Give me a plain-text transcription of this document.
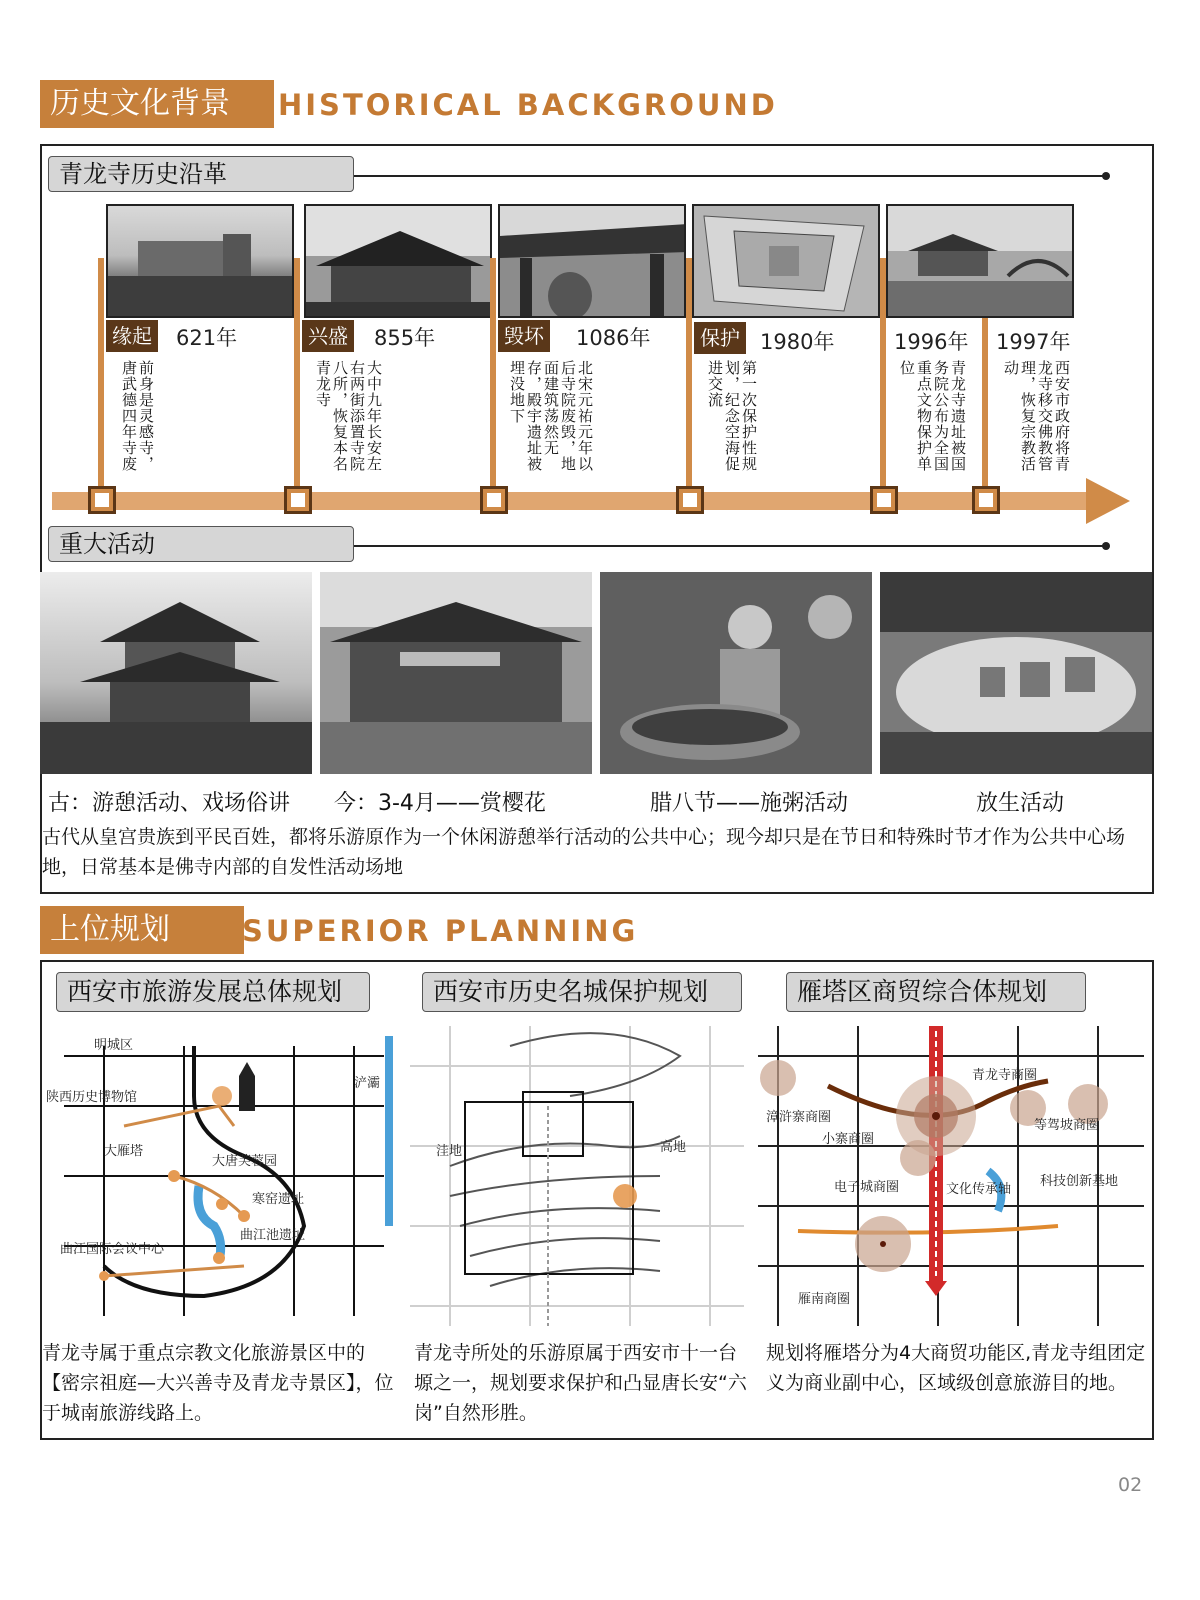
历史文化背景	HISTORICAL BACKGROUND
青龙寺历史沿革
缘起 621年
前身是灵感寺，唐武德四年寺废
兴盛 855年
大中九年长安左右两街添置寺院八所，恢复本名青龙寺
毁坏 1086年
北宋元祐元年以后寺院废毁，地面建筑荡然无存，殿宇遗址被埋没地下
保护 1980年
第一次保护性规划，纪念空海促进交流
1996年
青龙寺遗址被国务院公布为全国重点文物保护单位
1997年
西安市政府将青龙寺移交佛教管理，恢复宗教活动
重大活动
古：游憩活动、戏场俗讲 今：3-4月——赏樱花	腊八节——施粥活动	放生活动
古代从皇宫贵族到平民百姓，都将乐游原作为一个休闲游憩举行活动的公共中心；现今却只是在节日和特殊时节才作为公共中心场地，日常基本是佛寺内部的自发性活动场地
上位规划	SUPERIOR PLANNING
西安市旅游发展总体规划	西安市历史名城保护规划	雁塔区商贸综合体规划
明城区
浐灞
陕西历史博物馆
大雁塔
大唐芙蓉园
寒窑遗址
曲江池遗址
曲江国际会议中心
洼地	高地
青龙寺商圈
漳浒寨商圈
等驾坡商圈
小寨商圈
电子城商圈	文化传承轴
科技创新基地
雁南商圈
青龙寺属于重点宗教文化旅游景区中的【密宗祖庭—大兴善寺及青龙寺景区】，位于城南旅游线路上。
青龙寺所处的乐游原属于西安市十一台塬之一，规划要求保护和凸显唐长安“六岗”自然形胜。
规划将雁塔分为4大商贸功能区,青龙寺组团定义为商业副中心，区域级创意旅游目的地。
02
